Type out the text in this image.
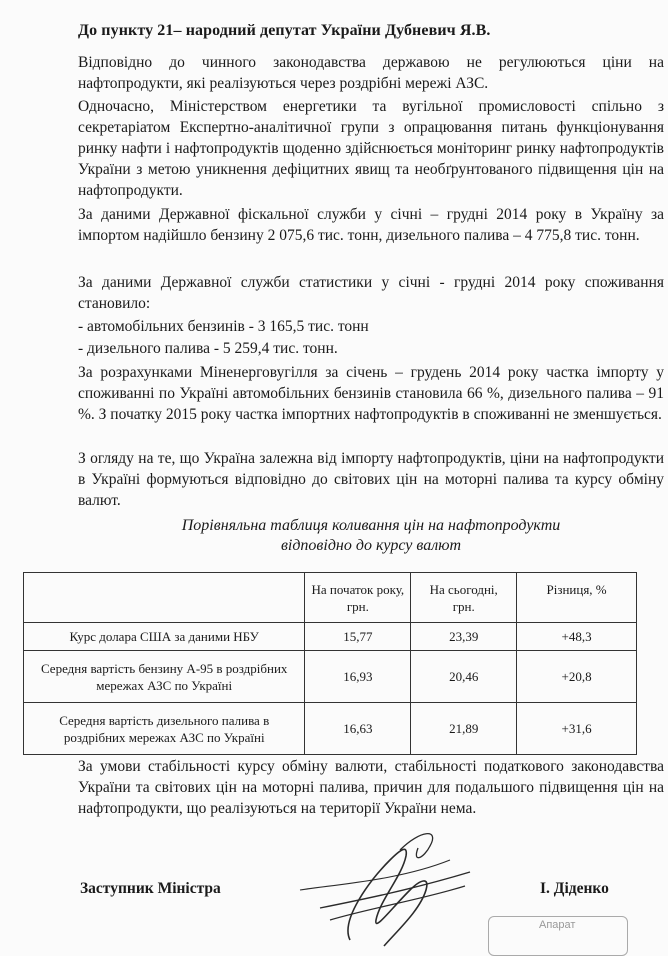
До пункту 21– народний депутат України Дубневич Я.В.

Відповідно до чинного законодавства державою не регулюються ціни на нафтопродукти, які реалізуються через роздрібні мережі АЗС.

Одночасно, Міністерством енергетики та вугільної промисловості спільно з секретаріатом Експертно-аналітичної групи з опрацювання питань функціонування ринку нафти і нафтопродуктів щоденно здійснюється моніторинг ринку нафтопродуктів України з метою уникнення дефіцитних явищ та необґрунтованого підвищення цін на нафтопродукти.

За даними Державної фіскальної служби у січні – грудні 2014 року в Україну за імпортом надійшло бензину 2 075,6 тис. тонн, дизельного палива – 4 775,8 тис. тонн.

За даними Державної служби статистики у січні - грудні 2014 року споживання становило:

- автомобільних бензинів - 3 165,5 тис. тонн

- дизельного палива - 5 259,4 тис. тонн.

За розрахунками Міненерговугілля за січень – грудень 2014 року частка імпорту у споживанні по Україні автомобільних бензинів становила 66 %, дизельного палива – 91 %. З початку 2015 року частка імпортних нафтопродуктів в споживанні не зменшується.

З огляду на те, що Україна залежна від імпорту нафтопродуктів, ціни на нафтопродукти в Україні формуються відповідно до світових цін на моторні палива та курсу обміну валют.

Порівняльна таблиця коливання цін на нафтопродукти
відповідно до курсу валют
	На початок року, грн.	На сьогодні, грн.	Різниця, %
Курс долара США за даними НБУ	15,77	23,39	+48,3
Середня вартість бензину А-95 в роздрібних мережах АЗС по Україні	16,93	20,46	+20,8
Середня вартість дизельного палива в роздрібних мережах АЗС по Україні	16,63	21,89	+31,6
За умови стабільності курсу обміну валюти, стабільності податкового законодавства України та світових цін на моторні палива, причин для подальшого підвищення цін на нафтопродукти, що реалізуються на території України нема.
Заступник Міністра	І. Діденко
Апарат
